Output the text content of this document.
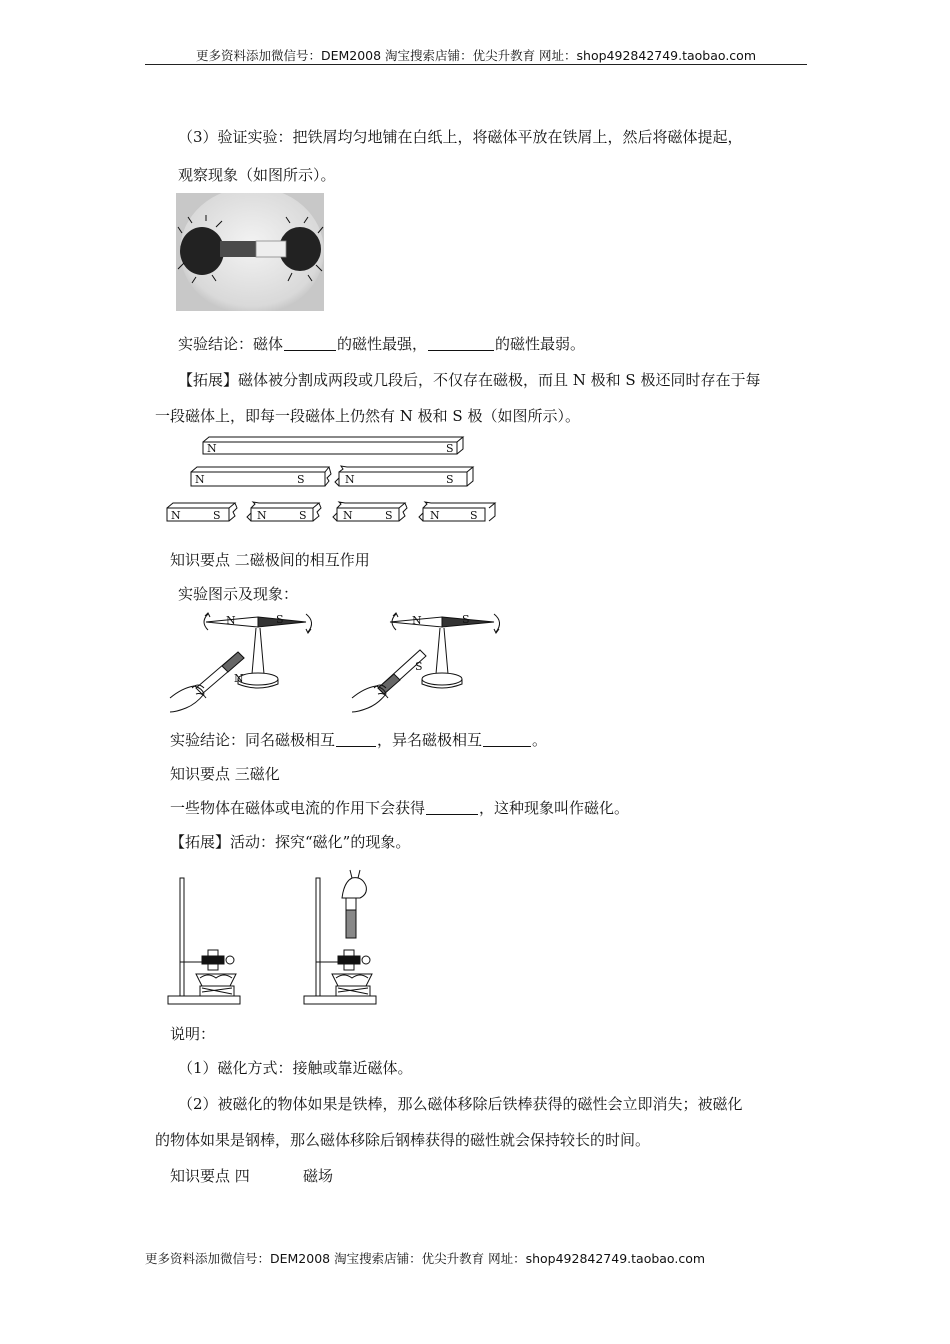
更多资料添加微信号：DEM2008 淘宝搜索店铺：优尖升教育 网址：shop492842749.taobao.com
（3）验证实验：把铁屑均匀地铺在白纸上，将磁体平放在铁屑上，然后将磁体提起，
观察现象（如图所示）。
实验结论：磁体	的磁性最强，	的磁性最弱。
【拓展】磁体被分割成两段或几段后，不仅存在磁极，而且 N 极和 S 极还同时存在于每
一段磁体上，即每一段磁体上仍然有 N 极和 S 极（如图所示）。
N	S
N	S	N	S
N	S	N	S	N	S	N	S
知识要点 二磁极间的相互作用
实验图示及现象：
N	S
N
N	S
S
实验结论：同名磁极相互	，异名磁极相互	。
知识要点 三磁化
一些物体在磁体或电流的作用下会获得	，这种现象叫作磁化。
【拓展】活动：探究“磁化”的现象。
说明：
（1）磁化方式：接触或靠近磁体。
（2）被磁化的物体如果是铁棒，那么磁体移除后铁棒获得的磁性会立即消失；被磁化
的物体如果是钢棒，那么磁体移除后钢棒获得的磁性就会保持较长的时间。
知识要点 四	磁场
更多资料添加微信号：DEM2008 淘宝搜索店铺：优尖升教育 网址：shop492842749.taobao.com
